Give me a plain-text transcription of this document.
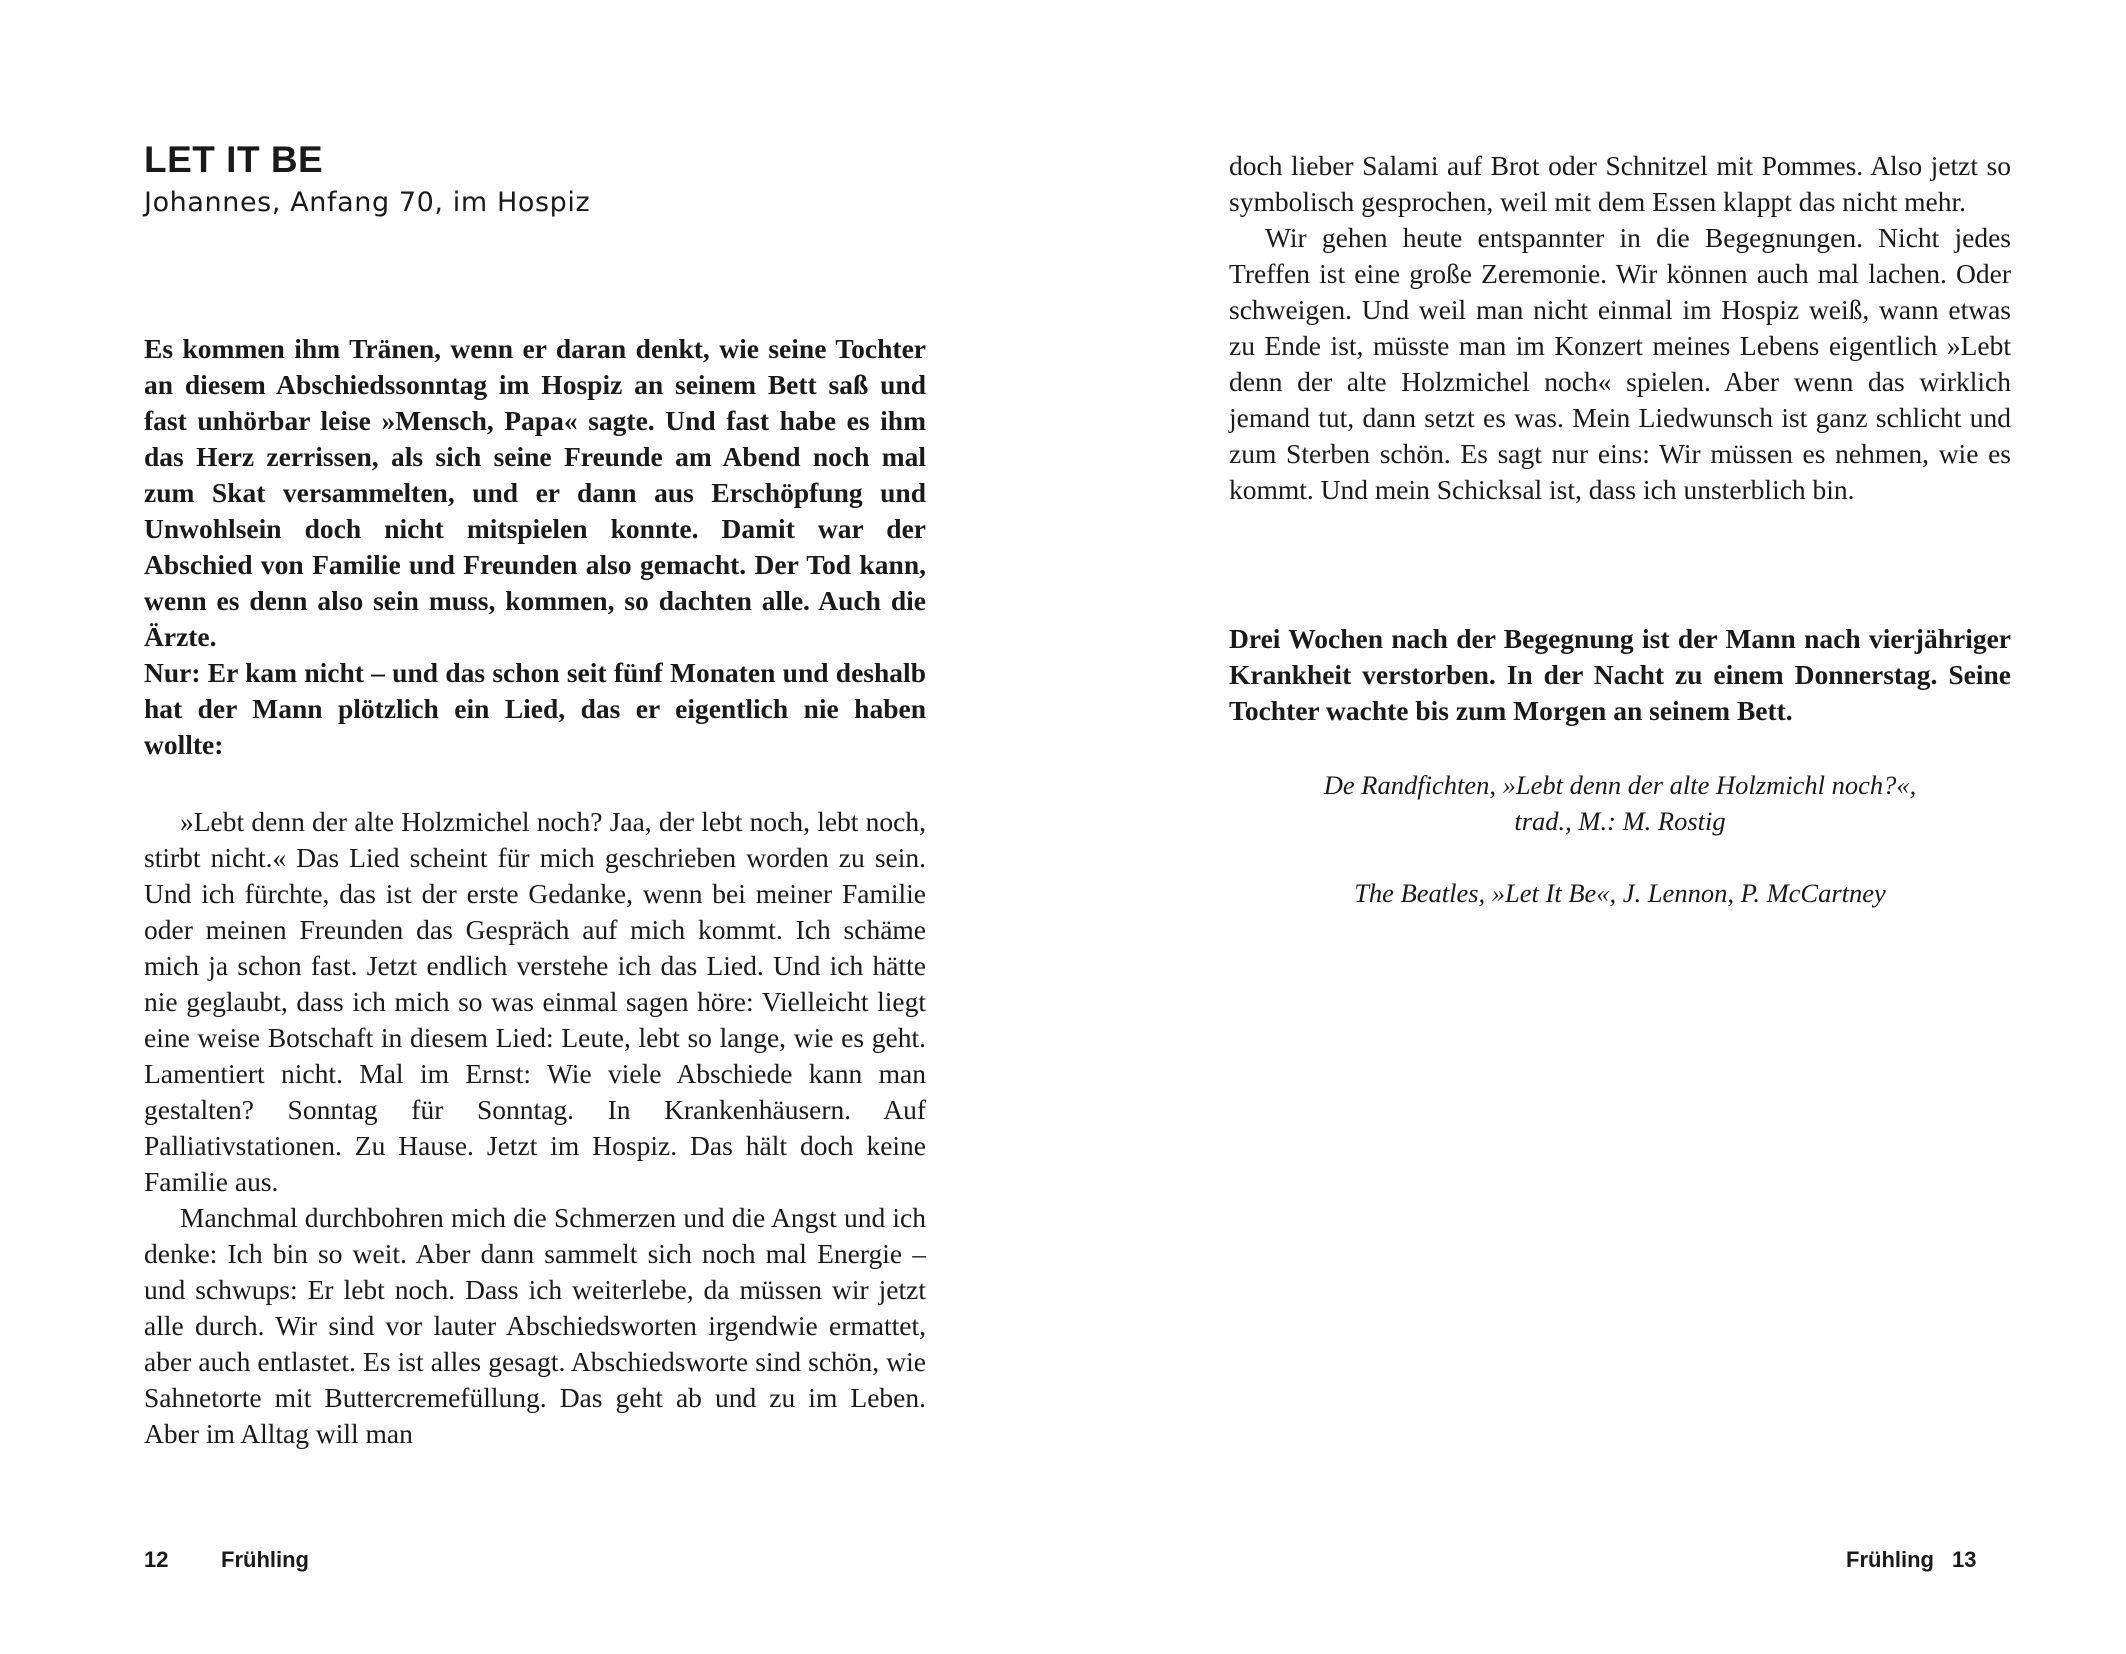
LET IT BE

Johannes, Anfang 70, im Hospiz

Es kommen ihm Tränen, wenn er daran denkt, wie seine Tochter an diesem Abschiedssonntag im Hospiz an seinem Bett saß und fast unhörbar leise »Mensch, Papa« sagte. Und fast habe es ihm das Herz zerrissen, als sich seine Freunde am Abend noch mal zum Skat versammelten, und er dann aus Erschöpfung und Unwohlsein doch nicht mitspielen konnte. Damit war der Abschied von Familie und Freunden also gemacht. Der Tod kann, wenn es denn also sein muss, kommen, so dachten alle. Auch die Ärzte.

Nur: Er kam nicht – und das schon seit fünf Monaten und deshalb hat der Mann plötzlich ein Lied, das er eigentlich nie haben wollte:

»Lebt denn der alte Holzmichel noch? Jaa, der lebt noch, lebt noch, stirbt nicht.« Das Lied scheint für mich geschrieben worden zu sein. Und ich fürchte, das ist der erste Gedanke, wenn bei meiner Familie oder meinen Freunden das Gespräch auf mich kommt. Ich schäme mich ja schon fast. Jetzt endlich verstehe ich das Lied. Und ich hätte nie geglaubt, dass ich mich so was einmal sagen höre: Vielleicht liegt eine weise Botschaft in diesem Lied: Leute, lebt so lange, wie es geht. Lamentiert nicht. Mal im Ernst: Wie viele Abschiede kann man gestalten? Sonntag für Sonntag. In Krankenhäusern. Auf Palliativstationen. Zu Hause. Jetzt im Hospiz. Das hält doch keine Familie aus.

Manchmal durchbohren mich die Schmerzen und die Angst und ich denke: Ich bin so weit. Aber dann sammelt sich noch mal Energie – und schwups: Er lebt noch. Dass ich weiterlebe, da müssen wir jetzt alle durch. Wir sind vor lauter Abschiedsworten irgendwie ermattet, aber auch entlastet. Es ist alles gesagt. Abschiedsworte sind schön, wie Sahnetorte mit Buttercremefüllung. Das geht ab und zu im Leben. Aber im Alltag will man

12 Frühling

doch lieber Salami auf Brot oder Schnitzel mit Pommes. Also jetzt so symbolisch gesprochen, weil mit dem Essen klappt das nicht mehr.

Wir gehen heute entspannter in die Begegnungen. Nicht jedes Treffen ist eine große Zeremonie. Wir können auch mal lachen. Oder schweigen. Und weil man nicht einmal im Hospiz weiß, wann etwas zu Ende ist, müsste man im Konzert meines Lebens eigentlich »Lebt denn der alte Holzmichel noch« spielen. Aber wenn das wirklich jemand tut, dann setzt es was. Mein Liedwunsch ist ganz schlicht und zum Sterben schön. Es sagt nur eins: Wir müssen es nehmen, wie es kommt. Und mein Schicksal ist, dass ich unsterblich bin.

Drei Wochen nach der Begegnung ist der Mann nach vierjähriger Krankheit verstorben. In der Nacht zu einem Donnerstag. Seine Tochter wachte bis zum Morgen an seinem Bett.

De Randfichten, »Lebt denn der alte Holzmichl noch?«,
trad., M.: M. Rostig
The Beatles, »Let It Be«, J. Lennon, P. McCartney
Frühling 13
